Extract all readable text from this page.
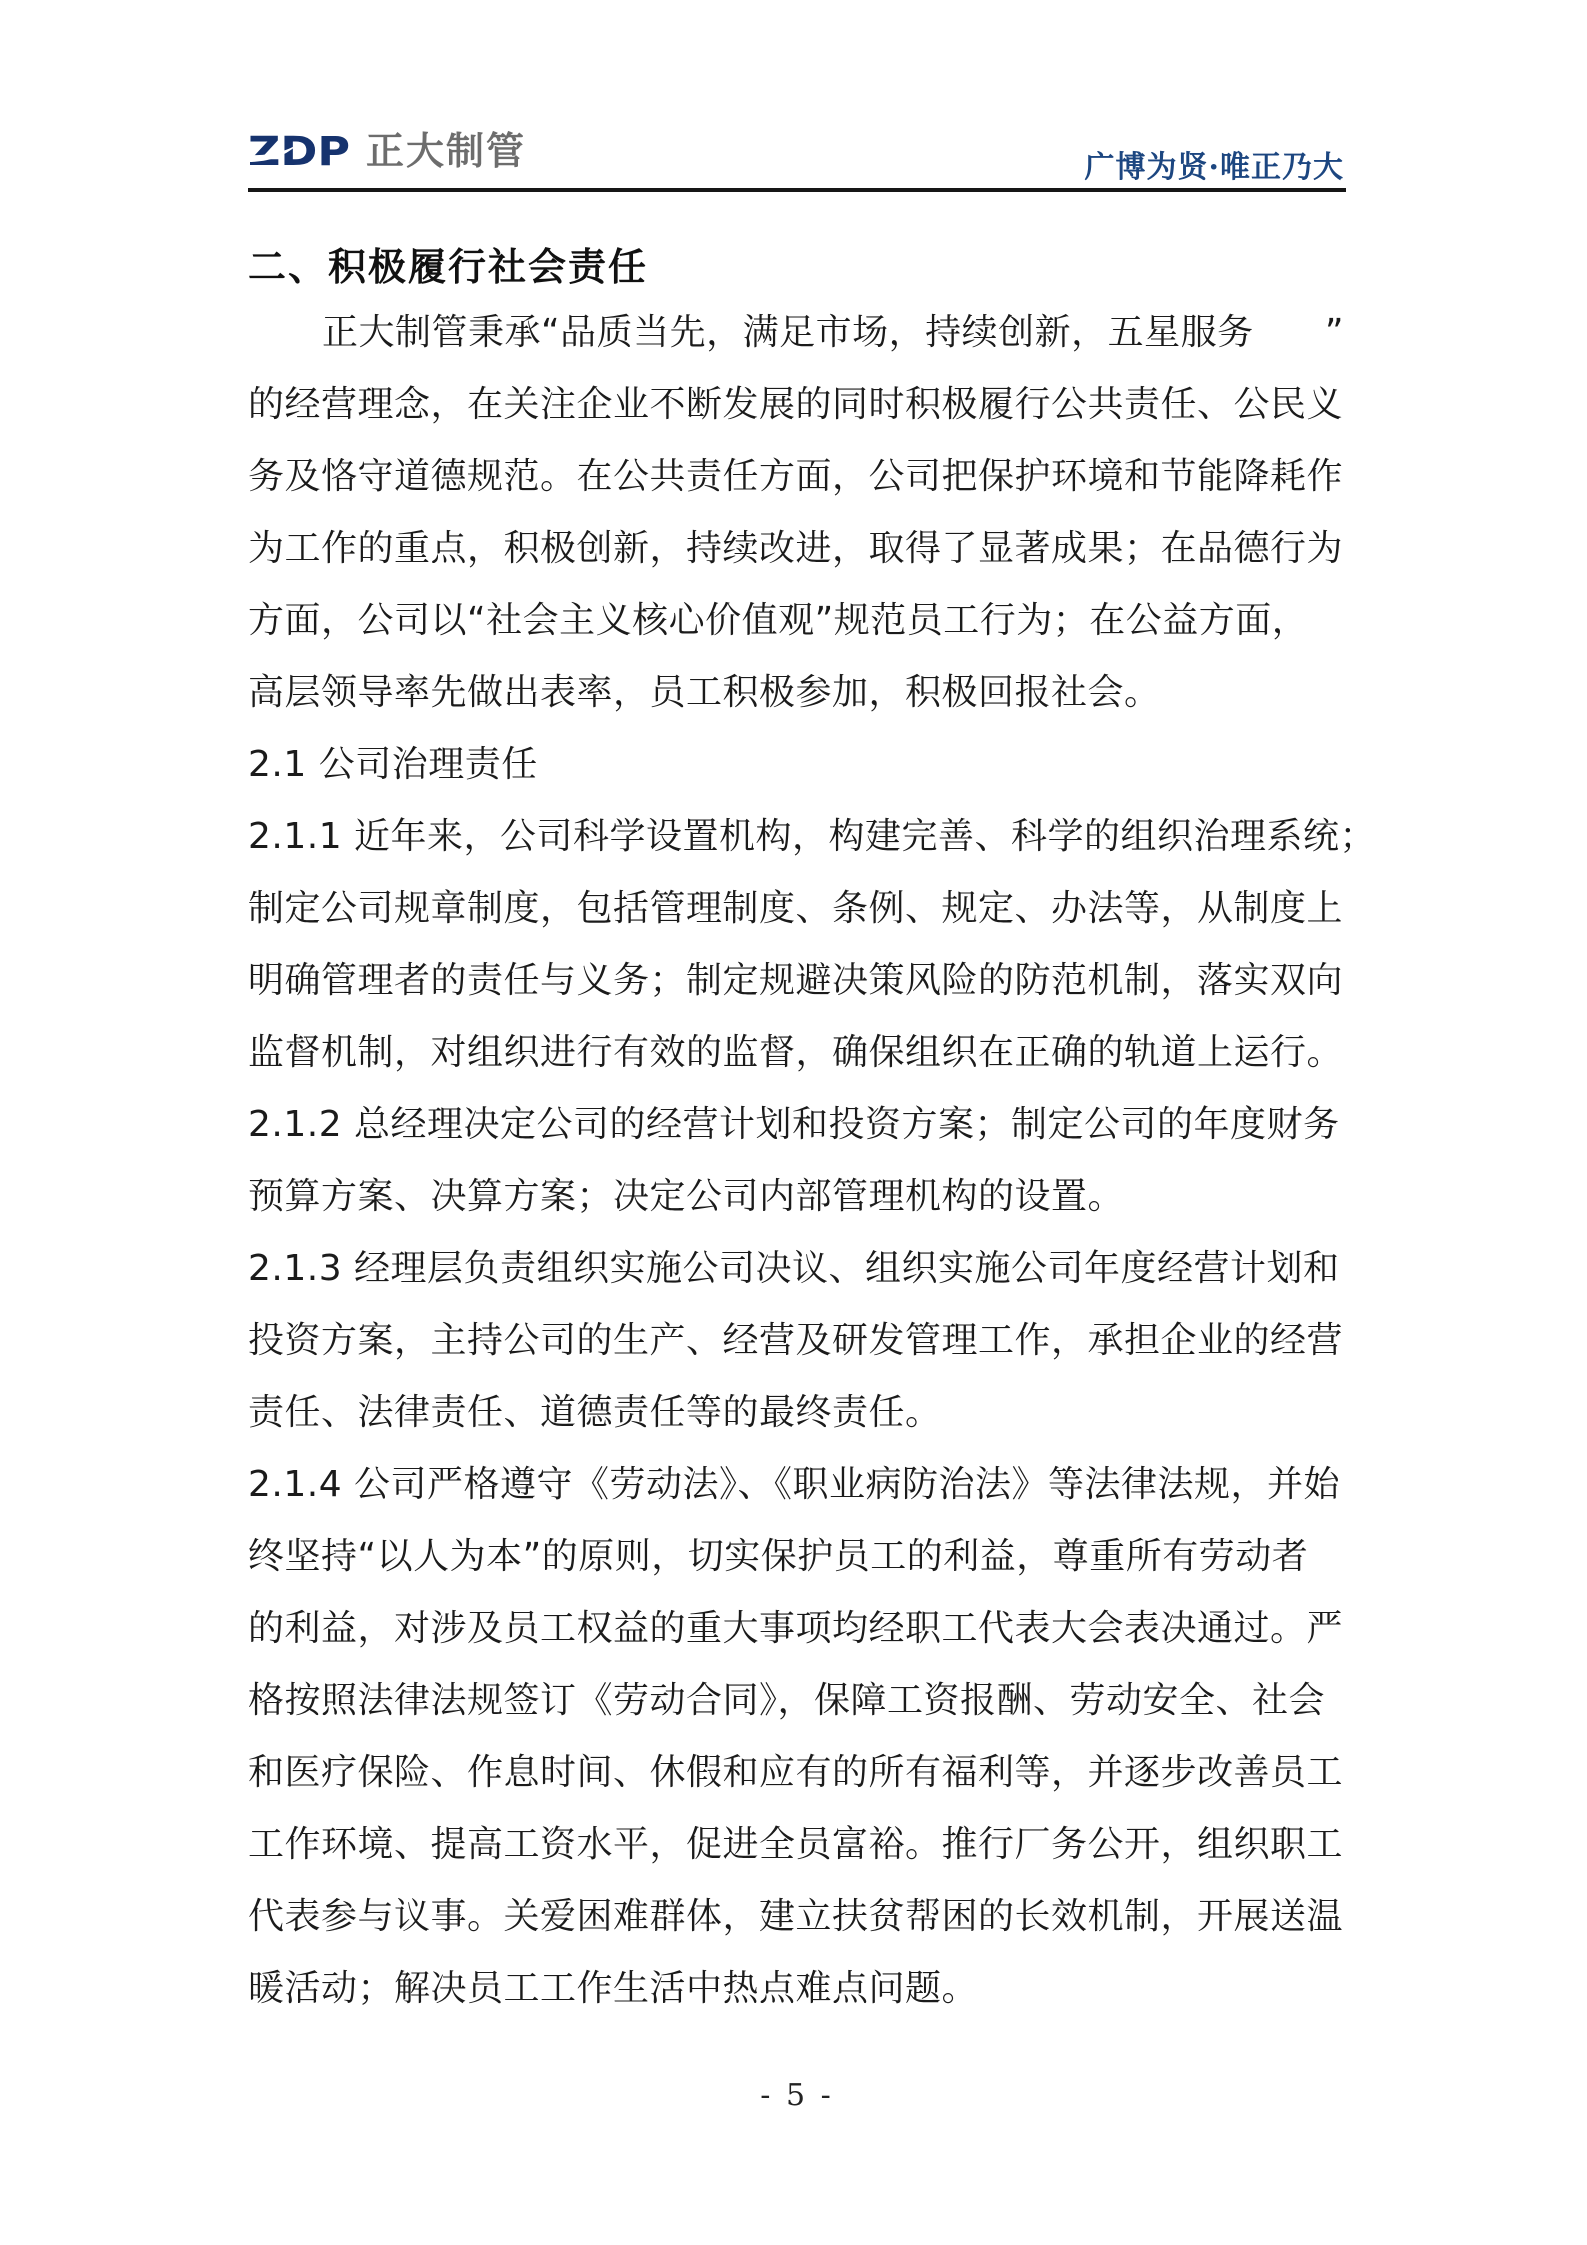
ZDP 正大制管	广博为贤·唯正乃大
二、积极履行社会责任
正大制管秉承“品质当先，满足市场，持续创新，五星服务 ”
的经营理念，在关注企业不断发展的同时积极履行公共责任、公民义
务及恪守道德规范。在公共责任方面，公司把保护环境和节能降耗作
为工作的重点，积极创新，持续改进，取得了显著成果；在品德行为
方面，公司以“社会主义核心价值观”规范员工行为；在公益方面，
高层领导率先做出表率，员工积极参加，积极回报社会。
2.1 公司治理责任
2.1.1 近年来，公司科学设置机构，构建完善、科学的组织治理系统；
制定公司规章制度，包括管理制度、条例、规定、办法等，从制度上
明确管理者的责任与义务；制定规避决策风险的防范机制，落实双向
监督机制，对组织进行有效的监督，确保组织在正确的轨道上运行。
2.1.2 总经理决定公司的经营计划和投资方案；制定公司的年度财务
预算方案、决算方案；决定公司内部管理机构的设置。
2.1.3 经理层负责组织实施公司决议、组织实施公司年度经营计划和
投资方案，主持公司的生产、经营及研发管理工作，承担企业的经营
责任、法律责任、道德责任等的最终责任。
2.1.4 公司严格遵守《劳动法》、《职业病防治法》等法律法规，并始
终坚持“以人为本”的原则，切实保护员工的利益，尊重所有劳动者
的利益，对涉及员工权益的重大事项均经职工代表大会表决通过。严
格按照法律法规签订《劳动合同》，保障工资报酬、劳动安全、社会
和医疗保险、作息时间、休假和应有的所有福利等，并逐步改善员工
工作环境、提高工资水平，促进全员富裕。推行厂务公开，组织职工
代表参与议事。关爱困难群体，建立扶贫帮困的长效机制，开展送温
暖活动；解决员工工作生活中热点难点问题。
- 5 -
